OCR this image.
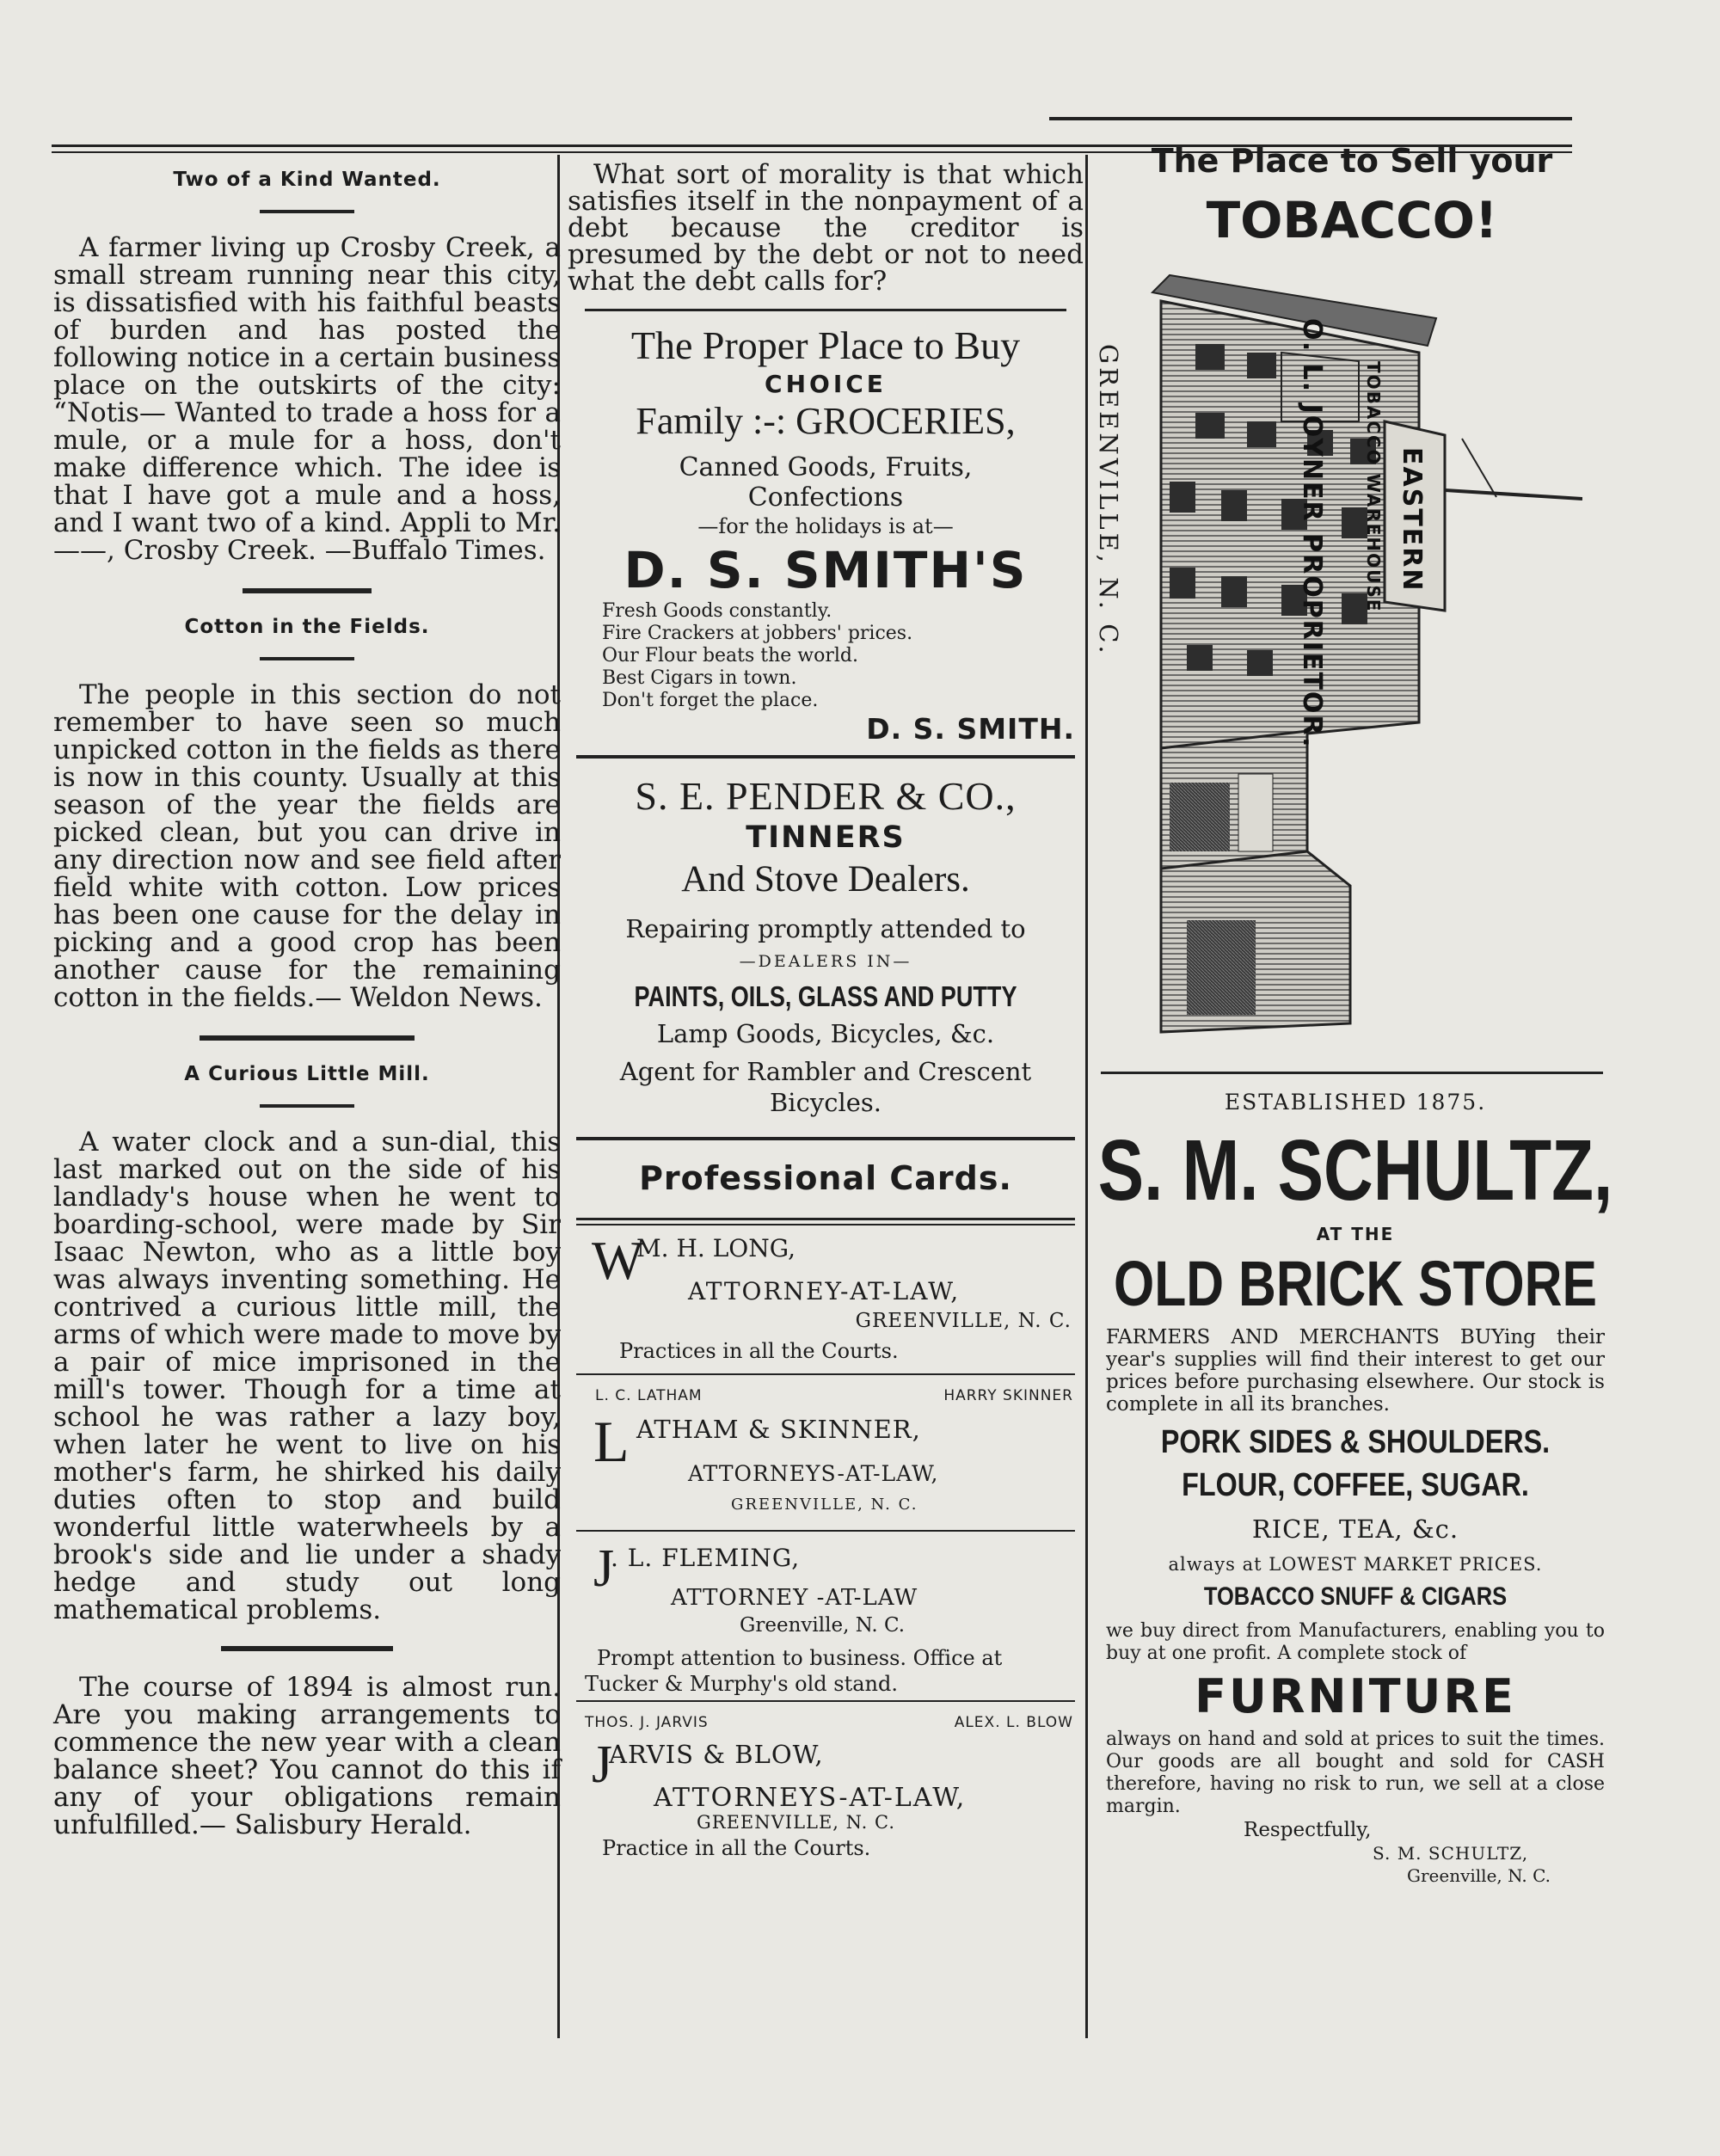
Two of a Kind Wanted.

A farmer living up Crosby Creek, a small stream running near this city, is dissatisfied with his faithful beasts of burden and has posted the following notice in a certain business place on the outskirts of the city: “Notis— Wanted to trade a hoss for a mule, or a mule for a hoss, don't make difference which. The idee is that I have got a mule and a hoss, and I want two of a kind. Appli to Mr. ——, Crosby Creek. —Buffalo Times.

Cotton in the Fields.

The people in this section do not remember to have seen so much unpicked cotton in the fields as there is now in this county. Usually at this season of the year the fields are picked clean, but you can drive in any direction now and see field after field white with cotton. Low prices has been one cause for the delay in picking and a good crop has been another cause for the remaining cotton in the fields.— Weldon News.

A Curious Little Mill.

A water clock and a sun-dial, this last marked out on the side of his landlady's house when he went to boarding-school, were made by Sir Isaac Newton, who as a little boy was always inventing something. He contrived a curious little mill, the arms of which were made to move by a pair of mice imprisoned in the mill's tower. Though for a time at school he was rather a lazy boy, when later he went to live on his mother's farm, he shirked his daily duties often to stop and build wonderful little waterwheels by a brook's side and lie under a shady hedge and study out long mathematical problems.

The course of 1894 is almost run. Are you making arrangements to commence the new year with a clean balance sheet? You cannot do this if any of your obligations remain unfulfilled.— Salisbury Herald.

What sort of morality is that which satisfies itself in the nonpayment of a debt because the creditor is presumed by the debt or not to need what the debt calls for?

The Proper Place to Buy
CHOICE
Family :-: GROCERIES,
Canned Goods, Fruits,
Confections
—for the holidays is at—
D. S. SMITH'S
Fresh Goods constantly.
Fire Crackers at jobbers' prices.
Our Flour beats the world.
Best Cigars in town.
Don't forget the place.
D. S. SMITH.
S. E. PENDER & CO.,
TINNERS
And Stove Dealers.
Repairing promptly attended to
—DEALERS IN—
PAINTS, OILS, GLASS AND PUTTY
Lamp Goods, Bicycles, &c.
Agent for Rambler and Crescent Bicycles.
Professional Cards.
W
M. H. LONG,
ATTORNEY-AT-LAW,
GREENVILLE, N. C.
Practices in all the Courts.
L. C. LATHAM	HARRY SKINNER
L ATHAM & SKINNER,
ATTORNEYS-AT-LAW,
GREENVILLE, N. C.
J
. L. FLEMING,
ATTORNEY -AT-LAW
Greenville, N. C.
Prompt attention to business. Office at Tucker & Murphy's old stand.
THOS. J. JARVIS	ALEX. L. BLOW
J
ARVIS & BLOW,
ATTORNEYS-AT-LAW,
GREENVILLE, N. C.
Practice in all the Courts.
The Place to Sell your
TOBACCO!
GREENVILLE, N. C.	EASTERN
TOBACCO WAREHOUSE
O. L. JOYNER PROPRIETOR.
ESTABLISHED 1875.
S. M. SCHULTZ,
AT THE
OLD BRICK STORE

FARMERS AND MERCHANTS BUYing their year's supplies will find their interest to get our prices before purchasing elsewhere. Our stock is complete in all its branches.

PORK SIDES & SHOULDERS.
FLOUR, COFFEE, SUGAR.
RICE, TEA, &c.
always at LOWEST MARKET PRICES.
TOBACCO SNUFF & CIGARS

we buy direct from Manufacturers, enabling you to buy at one profit. A complete stock of

FURNITURE

always on hand and sold at prices to suit the times. Our goods are all bought and sold for CASH therefore, having no risk to run, we sell at a close margin.

Respectfully,
S. M. SCHULTZ,
Greenville, N. C.
